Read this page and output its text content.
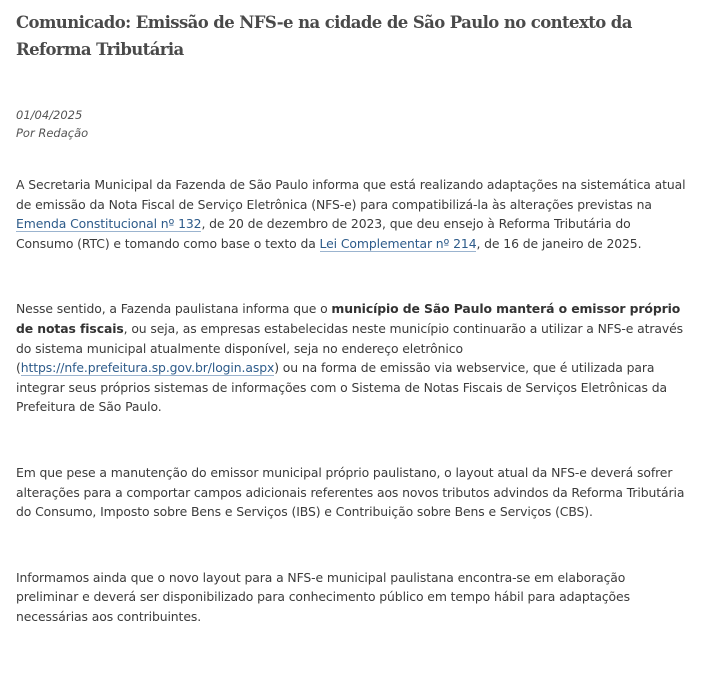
Comunicado: Emissão de NFS-e na cidade de São Paulo no contexto da Reforma Tributária
01/04/2025
Por Redação

A Secretaria Municipal da Fazenda de São Paulo informa que está realizando adaptações na sistemática atual de emissão da Nota Fiscal de Serviço Eletrônica (NFS-e) para compatibilizá-la às alterações previstas na Emenda Constitucional nº 132, de 20 de dezembro de 2023, que deu ensejo à Reforma Tributária do Consumo (RTC) e tomando como base o texto da Lei Complementar nº 214, de 16 de janeiro de 2025.

Nesse sentido, a Fazenda paulistana informa que o município de São Paulo manterá o emissor próprio de notas fiscais, ou seja, as empresas estabelecidas neste município continuarão a utilizar a NFS-e através do sistema municipal atualmente disponível, seja no endereço eletrônico (https://nfe.prefeitura.sp.gov.br/login.aspx) ou na forma de emissão via webservice, que é utilizada para integrar seus próprios sistemas de informações com o Sistema de Notas Fiscais de Serviços Eletrônicas da Prefeitura de São Paulo.

Em que pese a manutenção do emissor municipal próprio paulistano, o layout atual da NFS-e deverá sofrer alterações para a comportar campos adicionais referentes aos novos tributos advindos da Reforma Tributária do Consumo, Imposto sobre Bens e Serviços (IBS) e Contribuição sobre Bens e Serviços (CBS).

Informamos ainda que o novo layout para a NFS-e municipal paulistana encontra-se em elaboração preliminar e deverá ser disponibilizado para conhecimento público em tempo hábil para adaptações necessárias aos contribuintes.
